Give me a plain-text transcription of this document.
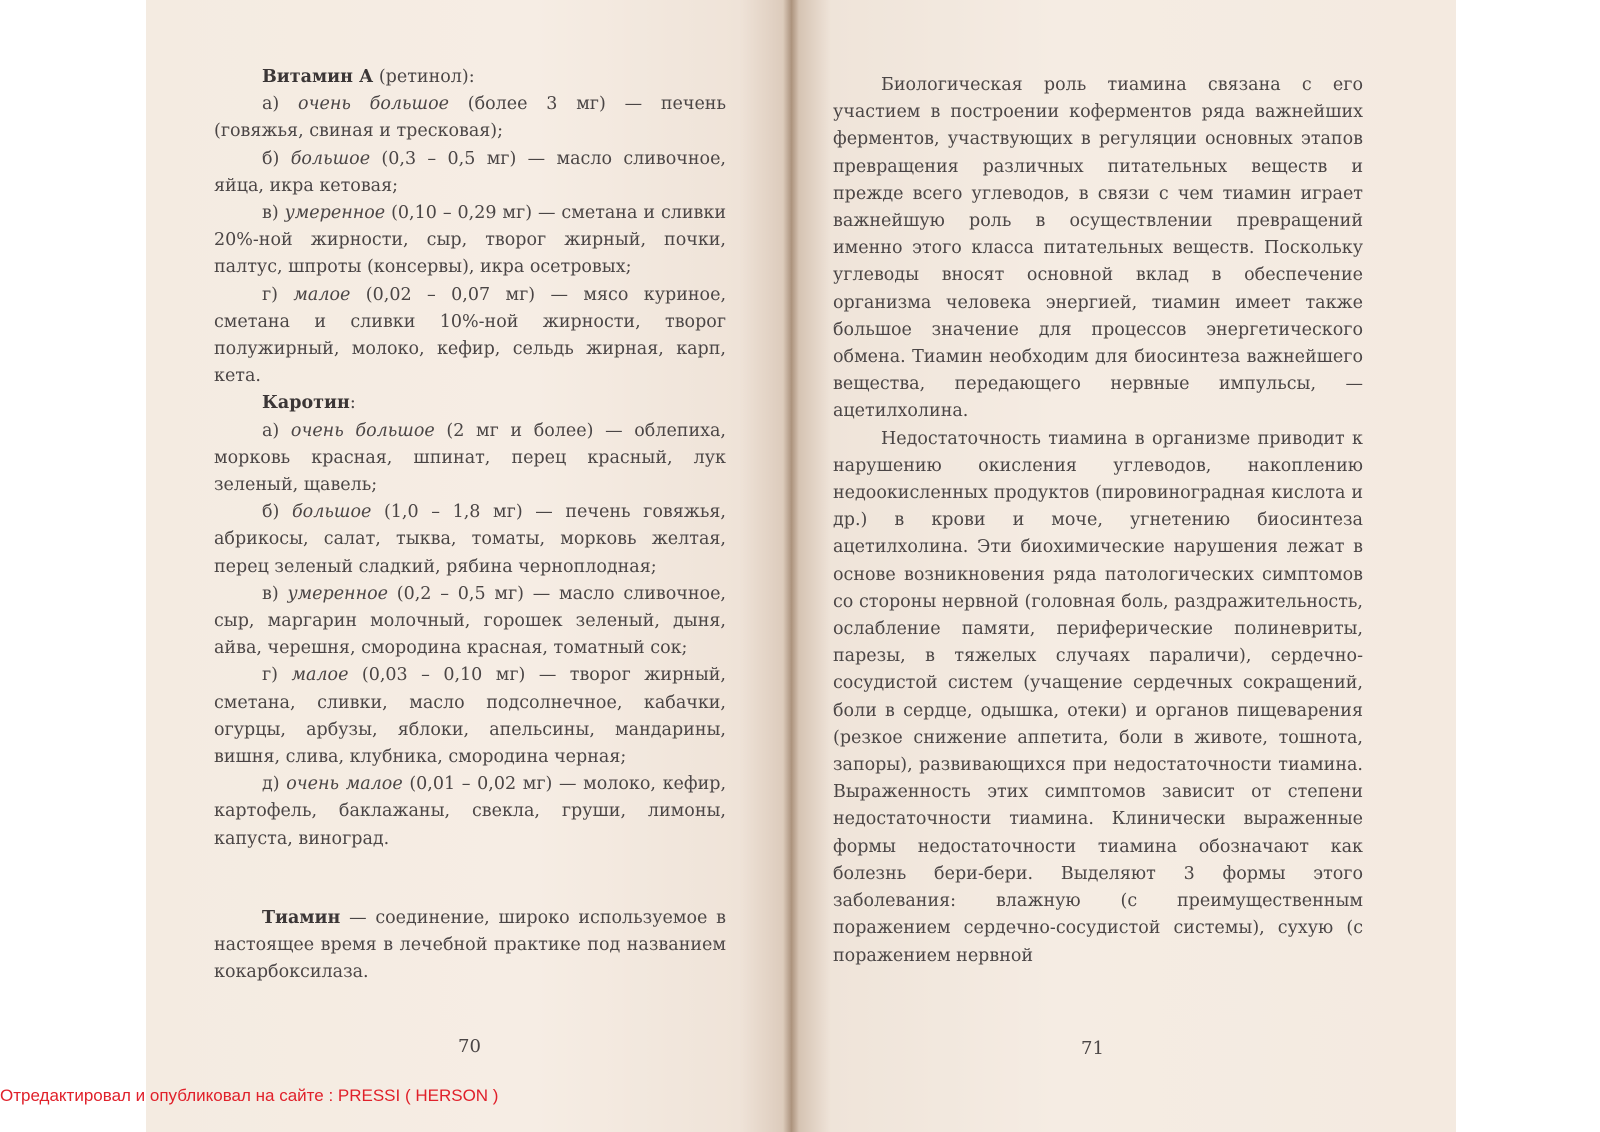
Витамин А (ретинол):

а) очень большое (более 3 мг) — печень (говяжья, свиная и тресковая);

б) большое (0,3 – 0,5 мг) — масло сливочное, яйца, икра кетовая;

в) умеренное (0,10 – 0,29 мг) — сметана и сливки 20%-ной жирности, сыр, творог жирный, почки, палтус, шпроты (консервы), икра осетровых;

г) малое (0,02 – 0,07 мг) — мясо куриное, сметана и сливки 10%-ной жирности, творог полужирный, молоко, кефир, сельдь жирная, карп, кета.

Каротин:

а) очень большое (2 мг и более) — облепиха, морковь красная, шпинат, перец красный, лук зеленый, щавель;

б) большое (1,0 – 1,8 мг) — печень говяжья, абрикосы, салат, тыква, томаты, морковь желтая, перец зеленый сладкий, рябина черноплодная;

в) умеренное (0,2 – 0,5 мг) — масло сливочное, сыр, маргарин молочный, горошек зеленый, дыня, айва, черешня, смородина красная, томатный сок;

г) малое (0,03 – 0,10 мг) — творог жирный, сметана, сливки, масло подсолнечное, кабачки, огурцы, арбузы, яблоки, апельсины, мандарины, вишня, слива, клубника, смородина черная;

д) очень малое (0,01 – 0,02 мг) — молоко, кефир, картофель, баклажаны, свекла, груши, лимоны, капуста, виноград.

Тиамин — соединение, широко используемое в настоящее время в лечебной практике под названием кокарбоксилаза.

70

Биологическая роль тиамина связана с его участием в построении коферментов ряда важнейших ферментов, участвующих в регуляции основных этапов превращения различных питательных веществ и прежде всего углеводов, в связи с чем тиамин играет важнейшую роль в осуществлении превращений именно этого класса питательных веществ. Поскольку углеводы вносят основной вклад в обеспечение организма человека энергией, тиамин имеет также большое значение для процессов энергетического обмена. Тиамин необходим для биосинтеза важнейшего вещества, передающего нервные импульсы, — ацетилхолина.

Недостаточность тиамина в организме приводит к нарушению окисления углеводов, накоплению недоокисленных продуктов (пировиноградная кислота и др.) в крови и моче, угнетению биосинтеза ацетилхолина. Эти биохимические нарушения лежат в основе возникновения ряда патологических симптомов со стороны нервной (головная боль, раздражительность, ослабление памяти, периферические полиневриты, парезы, в тяжелых случаях параличи), сердечно-сосудистой систем (учащение сердечных сокращений, боли в сердце, одышка, отеки) и органов пищеварения (резкое снижение аппетита, боли в животе, тошнота, запоры), развивающихся при недостаточности тиамина. Выраженность этих симптомов зависит от степени недостаточности тиамина. Клинически выраженные формы недостаточности тиамина обозначают как болезнь бери-бери. Выделяют 3 формы этого заболевания: влажную (с преимущественным поражением сердечно-сосудистой системы), сухую (с поражением нервной

71
Отредактировал и опубликовал на сайте : PRESSI ( HERSON )
